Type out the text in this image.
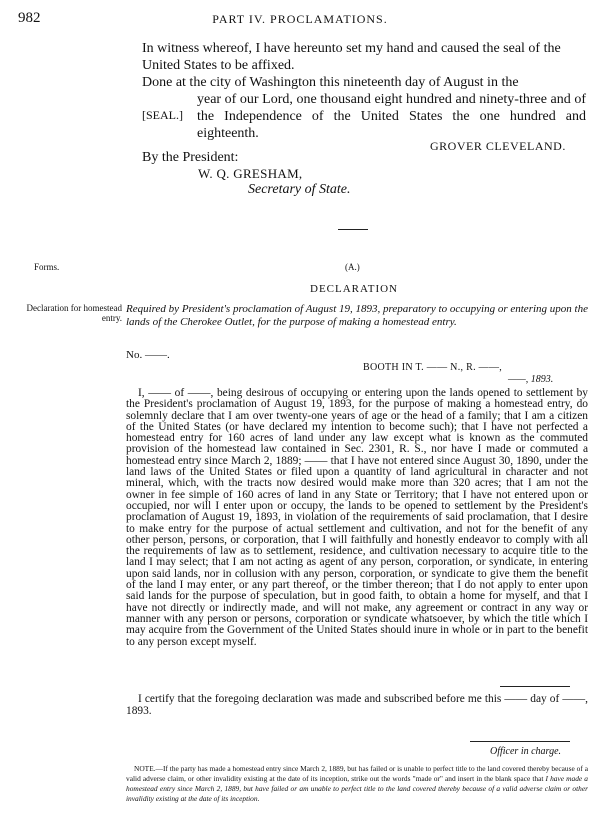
982	PART IV. PROCLAMATIONS.
In witness whereof, I have hereunto set my hand and caused the seal of the United States to be affixed.
Done at the city of Washington this nineteenth day of August in the
year of our Lord, one thousand eight hundred and ninety-three and of the Independence of the United States the one hundred and eighteenth.
[SEAL.]
GROVER CLEVELAND.
By the President:
W. Q. GRESHAM,
Secretary of State.
Forms.	(A.)
DECLARATION
Declaration for homestead entry.
Required by President's proclamation of August 19, 1893, preparatory to occupying or entering upon the lands of the Cherokee Outlet, for the purpose of making a homestead entry.
No. ——.
BOOTH IN T. —— N., R. ——,
——, 1893.
I, —— of ——, being desirous of occupying or entering upon the lands opened to settlement by the President's proclamation of August 19, 1893, for the purpose of making a homestead entry, do solemnly declare that I am over twenty-one years of age or the head of a family; that I am a citizen of the United States (or have declared my intention to become such); that I have not perfected a homestead entry for 160 acres of land under any law except what is known as the commuted provision of the homestead law contained in Sec. 2301, R. S., nor have I made or commuted a homestead entry since March 2, 1889; —— that I have not entered since August 30, 1890, under the land laws of the United States or filed upon a quantity of land agricultural in character and not mineral, which, with the tracts now desired would make more than 320 acres; that I am not the owner in fee simple of 160 acres of land in any State or Territory; that I have not entered upon or occupied, nor will I enter upon or occupy, the lands to be opened to settlement by the President's proclamation of August 19, 1893, in violation of the requirements of said proclamation, that I desire to make entry for the purpose of actual settlement and cultivation, and not for the benefit of any other person, persons, or corporation, that I will faithfully and honestly endeavor to comply with all the requirements of law as to settlement, residence, and cultivation necessary to acquire title to the land I may select; that I am not acting as agent of any person, corporation, or syndicate, in entering upon said lands, nor in collusion with any person, corporation, or syndicate to give them the benefit of the land I may enter, or any part thereof, or the timber thereon; that I do not apply to enter upon said lands for the purpose of speculation, but in good faith, to obtain a home for myself, and that I have not directly or indirectly made, and will not make, any agreement or contract in any way or manner with any person or persons, corporation or syndicate whatsoever, by which the title which I may acquire from the Government of the United States should inure in whole or in part to the benefit to any person except myself.
I certify that the foregoing declaration was made and subscribed before me this —— day of ——, 1893.
Officer in charge.
NOTE.—If the party has made a homestead entry since March 2, 1889, but has failed or is unable to perfect title to the land covered thereby because of a valid adverse claim, or other invalidity existing at the date of its inception, strike out the words "made or" and insert in the blank space that I have made a homestead entry since March 2, 1889, but have failed or am unable to perfect title to the land covered thereby because of a valid adverse claim or other invalidity existing at the date of its inception.
